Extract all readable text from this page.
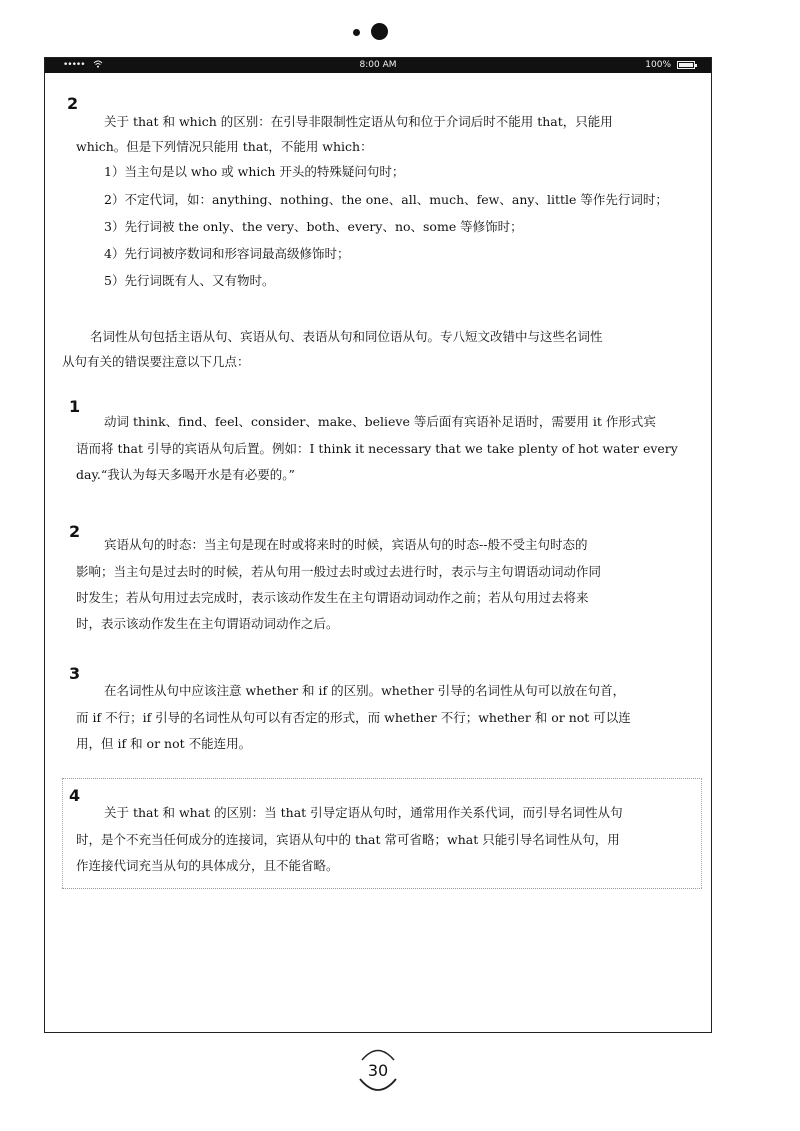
•••••	8:00 AM	100%
2
关于 that 和 which 的区别：在引导非限制性定语从句和位于介词后时不能用 that，只能用
which。但是下列情况只能用 that，不能用 which：
1）当主句是以 who 或 which 开头的特殊疑问句时；
2）不定代词，如：anything、nothing、the one、all、much、few、any、little 等作先行词时；
3）先行词被 the only、the very、both、every、no、some 等修饰时；
4）先行词被序数词和形容词最高级修饰时；
5）先行词既有人、又有物时。
名词性从句包括主语从句、宾语从句、表语从句和同位语从句。专八短文改错中与这些名词性
从句有关的错误要注意以下几点：
1
动词 think、find、feel、consider、make、believe 等后面有宾语补足语时，需要用 it 作形式宾
语而将 that 引导的宾语从句后置。例如：I think it necessary that we take plenty of hot water every
day.“我认为每天多喝开水是有必要的。”
2
宾语从句的时态：当主句是现在时或将来时的时候，宾语从句的时态--般不受主句时态的
影响；当主句是过去时的时候，若从句用一般过去时或过去进行时，表示与主句谓语动词动作同
时发生；若从句用过去完成时，表示该动作发生在主句谓语动词动作之前；若从句用过去将来
时，表示该动作发生在主句谓语动词动作之后。
3
在名词性从句中应该注意 whether 和 if 的区别。whether 引导的名词性从句可以放在句首，
而 if 不行；if 引导的名词性从句可以有否定的形式，而 whether 不行；whether 和 or not 可以连
用，但 if 和 or not 不能连用。
4
关于 that 和 what 的区别：当 that 引导定语从句时，通常用作关系代词，而引导名词性从句
时，是个不充当任何成分的连接词，宾语从句中的 that 常可省略；what 只能引导名词性从句，用
作连接代词充当从句的具体成分，且不能省略。
30
